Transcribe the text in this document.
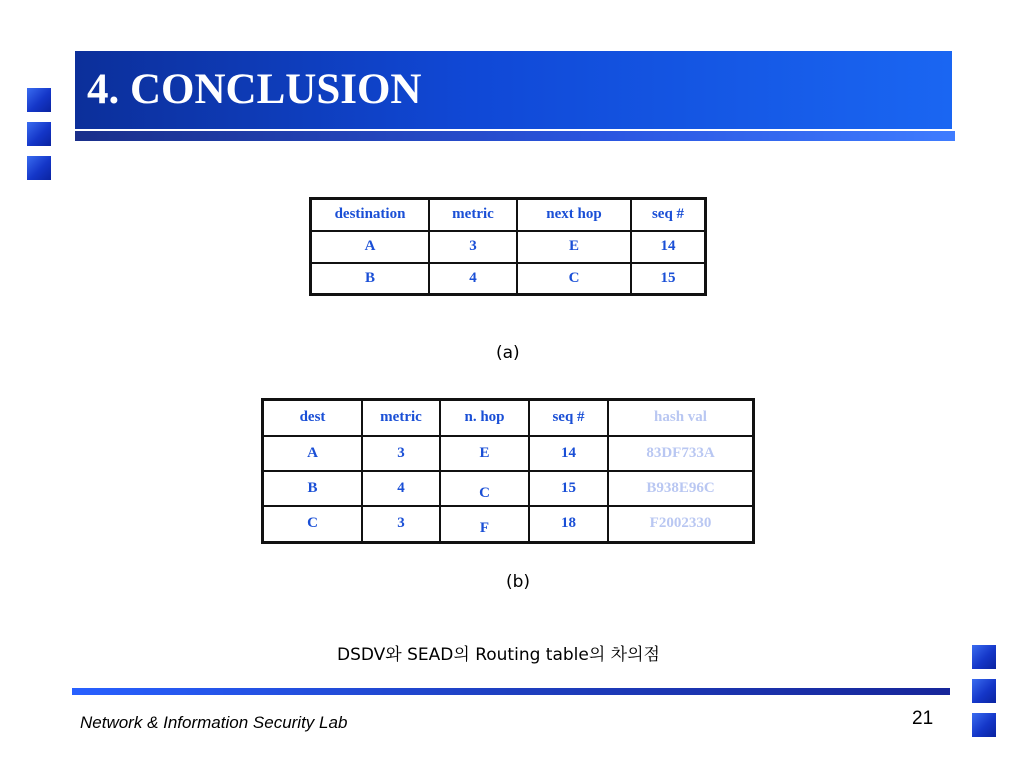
4. CONCLUSION
destination	metric	next hop	seq #
A	3	E	14
B	4	C	15
(a)
dest	metric	n. hop	seq #	hash val
A	3	E	14	83DF733A
B	4	C	15	B938E96C
C	3	F	18	F2002330
(b)
DSDV와 SEAD의 Routing table의 차의점
Network & Information Security Lab	21
